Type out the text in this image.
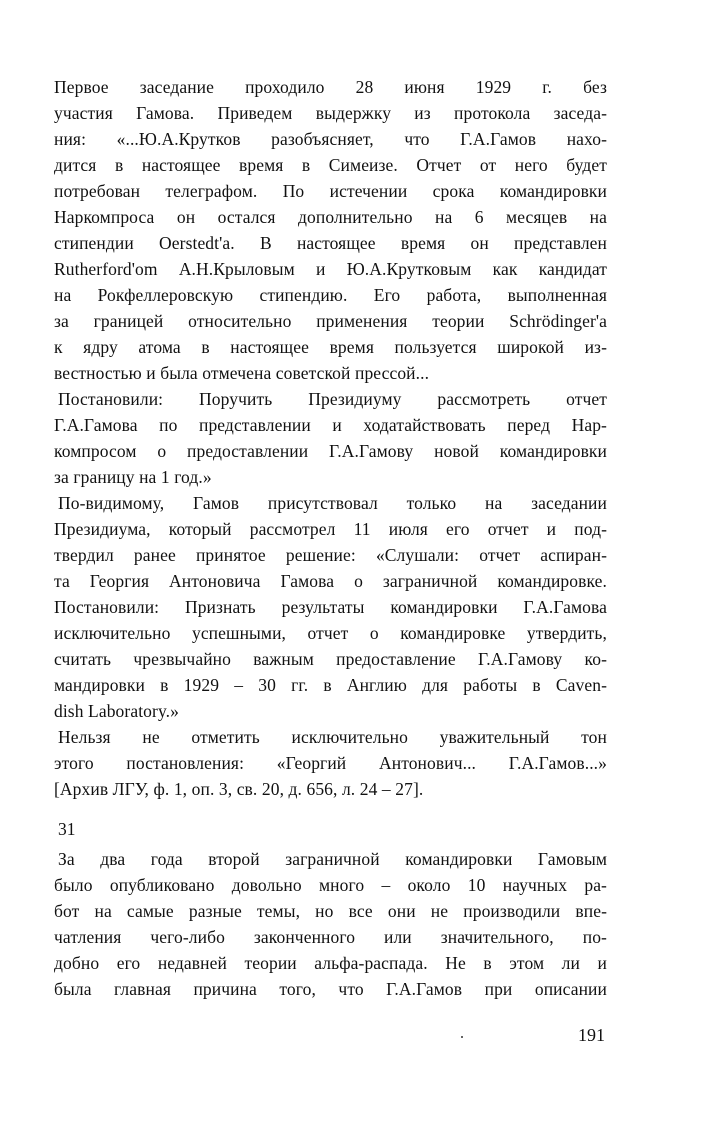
Первое заседание проходило 28 июня 1929 г. без
участия Гамова. Приведем выдержку из протокола заседа-
ния: «...Ю.А.Крутков разобъясняет, что Г.А.Гамов нахо-
дится в настоящее время в Симеизе. Отчет от него будет
потребован телеграфом. По истечении срока командировки
Наркомпроса он остался дополнительно на 6 месяцев на
стипендии Oerstedt'a. В настоящее время он представлен
Rutherford'om А.Н.Крыловым и Ю.А.Крутковым как кандидат
на Рокфеллеровскую стипендию. Его работа, выполненная
за границей относительно применения теории Schrödinger'a
к ядру атома в настоящее время пользуется широкой из-
вестностью и была отмечена советской прессой...
Постановили: Поручить Президиуму рассмотреть отчет
Г.А.Гамова по представлении и ходатайствовать перед Нар-
компросом о предоставлении Г.А.Гамову новой командировки
за границу на 1 год.»
По-видимому, Гамов присутствовал только на заседании
Президиума, который рассмотрел 11 июля его отчет и под-
твердил ранее принятое решение: «Слушали: отчет аспиран-
та Георгия Антоновича Гамова о заграничной командировке.
Постановили: Признать результаты командировки Г.А.Гамова
исключительно успешными, отчет о командировке утвердить,
считать чрезвычайно важным предоставление Г.А.Гамову ко-
мандировки в 1929 – 30 гг. в Англию для работы в Caven-
dish Laboratory.»
Нельзя не отметить исключительно уважительный тон
этого постановления: «Георгий Антонович... Г.А.Гамов...»
[Архив ЛГУ, ф. 1, оп. 3, св. 20, д. 656, л. 24 – 27].
31
За два года второй заграничной командировки Гамовым
было опубликовано довольно много – около 10 научных ра-
бот на самые разные темы, но все они не производили впе-
чатления чего-либо законченного или значительного, по-
добно его недавней теории альфа-распада. Не в этом ли и
была главная причина того, что Г.А.Гамов при описании
191
